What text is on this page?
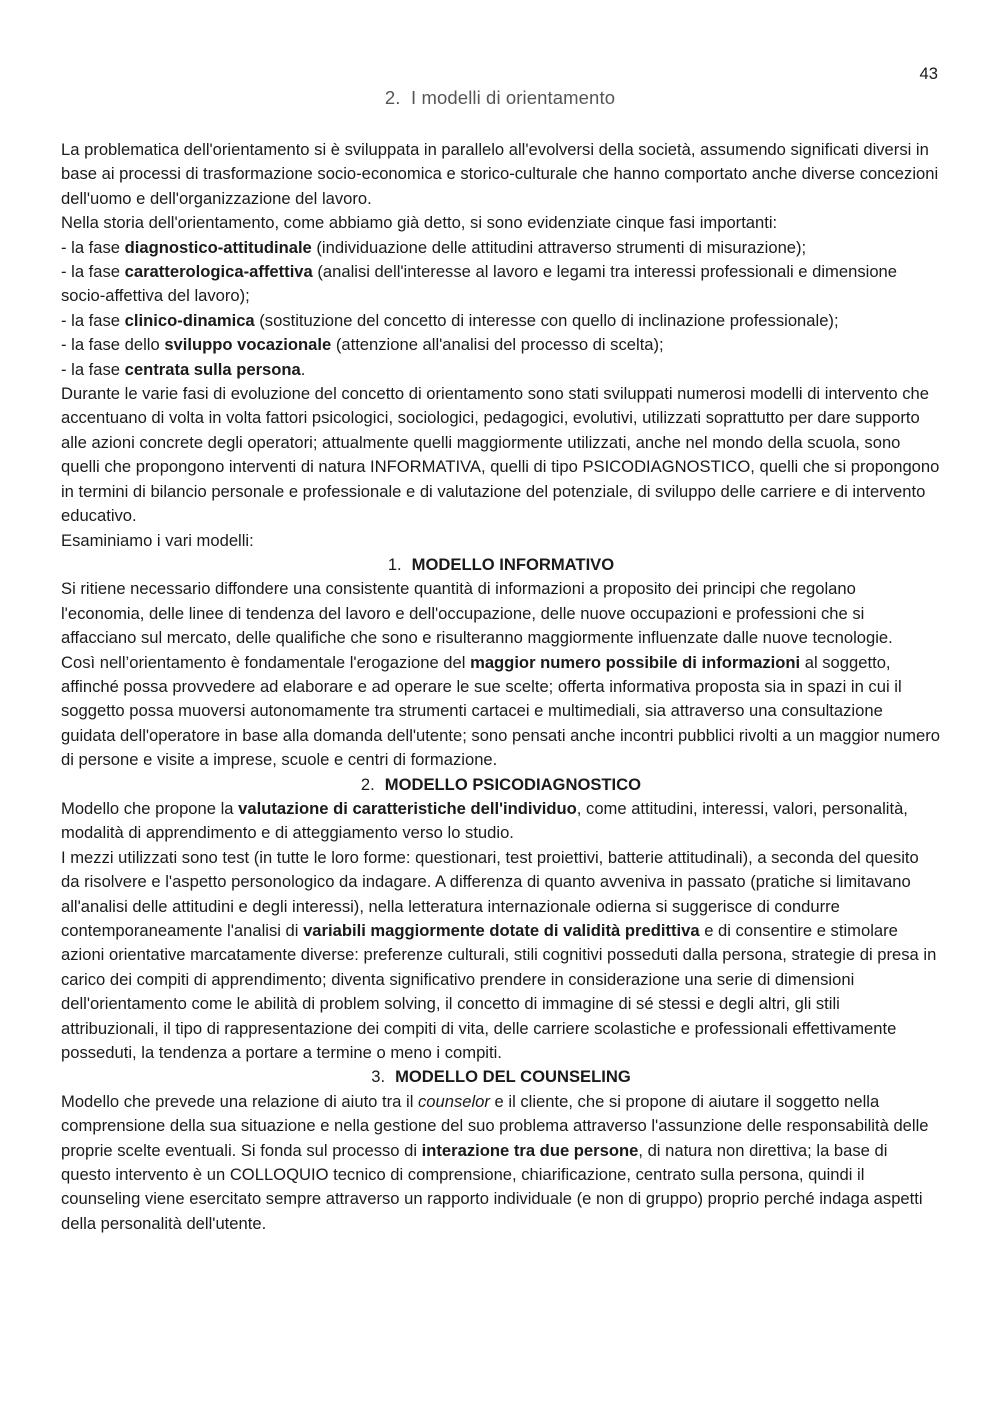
43
2. I modelli di orientamento

La problematica dell'orientamento si è sviluppata in parallelo all'evolversi della società, assumendo significati diversi in base ai processi di trasformazione socio-economica e storico-culturale che hanno comportato anche diverse concezioni dell'uomo e dell'organizzazione del lavoro.

Nella storia dell'orientamento, come abbiamo già detto, si sono evidenziate cinque fasi importanti:

- la fase diagnostico-attitudinale (individuazione delle attitudini attraverso strumenti di misurazione);

- la fase caratterologica-affettiva (analisi dell'interesse al lavoro e legami tra interessi professionali e dimensione socio-affettiva del lavoro);

- la fase clinico-dinamica (sostituzione del concetto di interesse con quello di inclinazione professionale);

- la fase dello sviluppo vocazionale (attenzione all'analisi del processo di scelta);

- la fase centrata sulla persona.

Durante le varie fasi di evoluzione del concetto di orientamento sono stati sviluppati numerosi modelli di intervento che accentuano di volta in volta fattori psicologici, sociologici, pedagogici, evolutivi, utilizzati soprattutto per dare supporto alle azioni concrete degli operatori; attualmente quelli maggiormente utilizzati, anche nel mondo della scuola, sono quelli che propongono interventi di natura INFORMATIVA, quelli di tipo PSICODIAGNOSTICO, quelli che si propongono in termini di bilancio personale e professionale e di valutazione del potenziale, di sviluppo delle carriere e di intervento educativo.

Esaminiamo i vari modelli:

1. MODELLO INFORMATIVO

Si ritiene necessario diffondere una consistente quantità di informazioni a proposito dei principi che regolano l'economia, delle linee di tendenza del lavoro e dell'occupazione, delle nuove occupazioni e professioni che si affacciano sul mercato, delle qualifiche che sono e risulteranno maggiormente influenzate dalle nuove tecnologie.

Così nell’orientamento è fondamentale l'erogazione del maggior numero possibile di informazioni al soggetto, affinché possa provvedere ad elaborare e ad operare le sue scelte; offerta informativa proposta sia in spazi in cui il soggetto possa muoversi autonomamente tra strumenti cartacei e multimediali, sia attraverso una consultazione guidata dell'operatore in base alla domanda dell'utente; sono pensati anche incontri pubblici rivolti a un maggior numero di persone e visite a imprese, scuole e centri di formazione.

2. MODELLO PSICODIAGNOSTICO

Modello che propone la valutazione di caratteristiche dell'individuo, come attitudini, interessi, valori, personalità, modalità di apprendimento e di atteggiamento verso lo studio.

I mezzi utilizzati sono test (in tutte le loro forme: questionari, test proiettivi, batterie attitudinali), a seconda del quesito da risolvere e l'aspetto personologico da indagare. A differenza di quanto avveniva in passato (pratiche si limitavano all'analisi delle attitudini e degli interessi), nella letteratura internazionale odierna si suggerisce di condurre contemporaneamente l'analisi di variabili maggiormente dotate di validità predittiva e di consentire e stimolare azioni orientative marcatamente diverse: preferenze culturali, stili cognitivi posseduti dalla persona, strategie di presa in carico dei compiti di apprendimento; diventa significativo prendere in considerazione una serie di dimensioni dell'orientamento come le abilità di problem solving, il concetto di immagine di sé stessi e degli altri, gli stili attribuzionali, il tipo di rappresentazione dei compiti di vita, delle carriere scolastiche e professionali effettivamente posseduti, la tendenza a portare a termine o meno i compiti.

3. MODELLO DEL COUNSELING

Modello che prevede una relazione di aiuto tra il counselor e il cliente, che si propone di aiutare il soggetto nella comprensione della sua situazione e nella gestione del suo problema attraverso l'assunzione delle responsabilità delle proprie scelte eventuali. Si fonda sul processo di interazione tra due persone, di natura non direttiva; la base di questo intervento è un COLLOQUIO tecnico di comprensione, chiarificazione, centrato sulla persona, quindi il counseling viene esercitato sempre attraverso un rapporto individuale (e non di gruppo) proprio perché indaga aspetti della personalità dell'utente.
